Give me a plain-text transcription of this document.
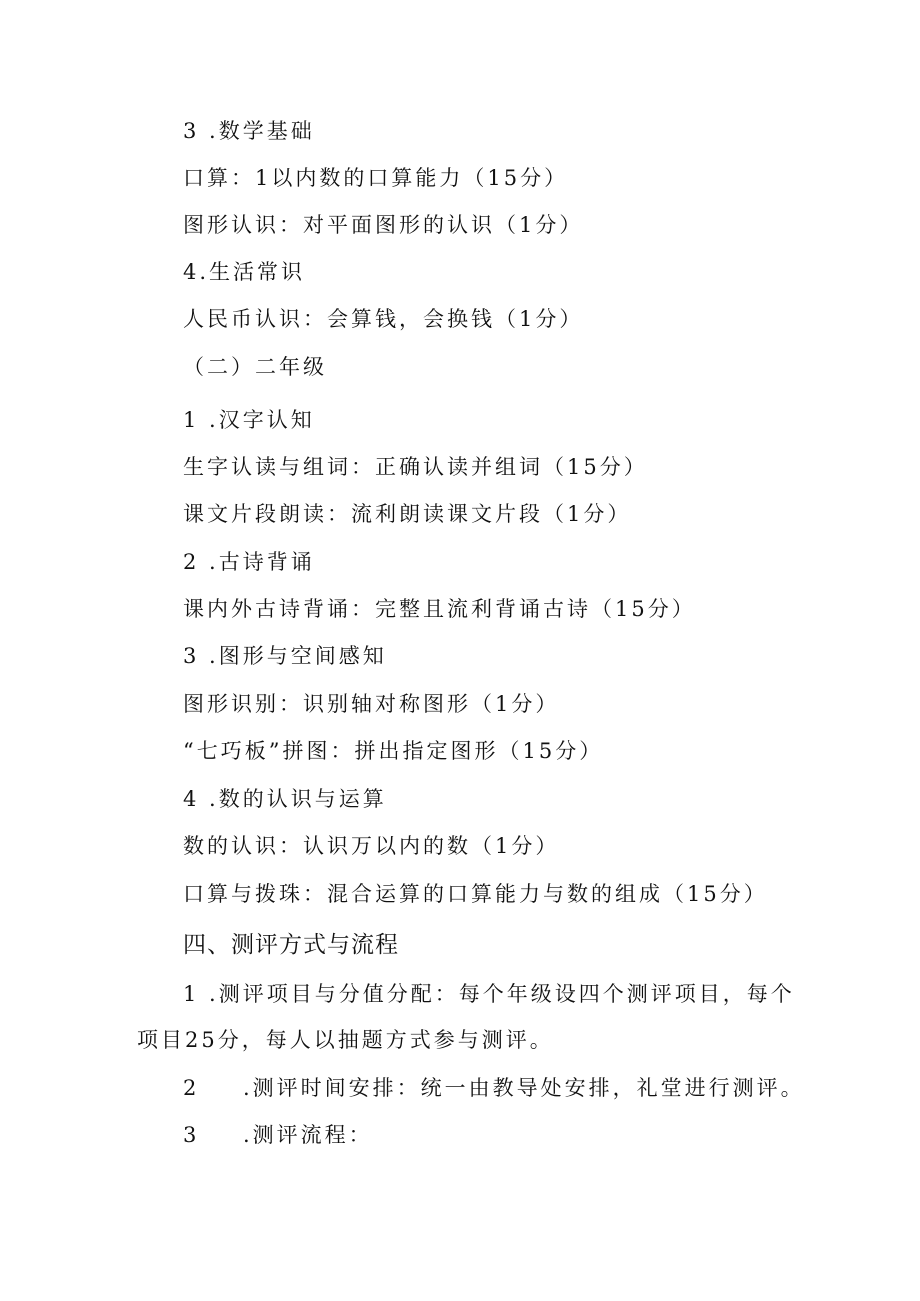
3 .数学基础
口算：1以内数的口算能力（15分）
图形认识：对平面图形的认识（1分）
4.生活常识
人民币认识：会算钱，会换钱（1分）
（二）二年级
1 .汉字认知
生字认读与组词：正确认读并组词（15分）
课文片段朗读：流利朗读课文片段（1分）
2 .古诗背诵
课内外古诗背诵：完整且流利背诵古诗（15分）
3 .图形与空间感知
图形识别：识别轴对称图形（1分）
“七巧板”拼图：拼出指定图形（15分）
4 .数的认识与运算
数的认识：认识万以内的数（1分）
口算与拨珠：混合运算的口算能力与数的组成（15分）
四、测评方式与流程
1 .测评项目与分值分配：每个年级设四个测评项目，每个
项目25分，每人以抽题方式参与测评。
2 .测评时间安排：统一由教导处安排，礼堂进行测评。
3 .测评流程：
